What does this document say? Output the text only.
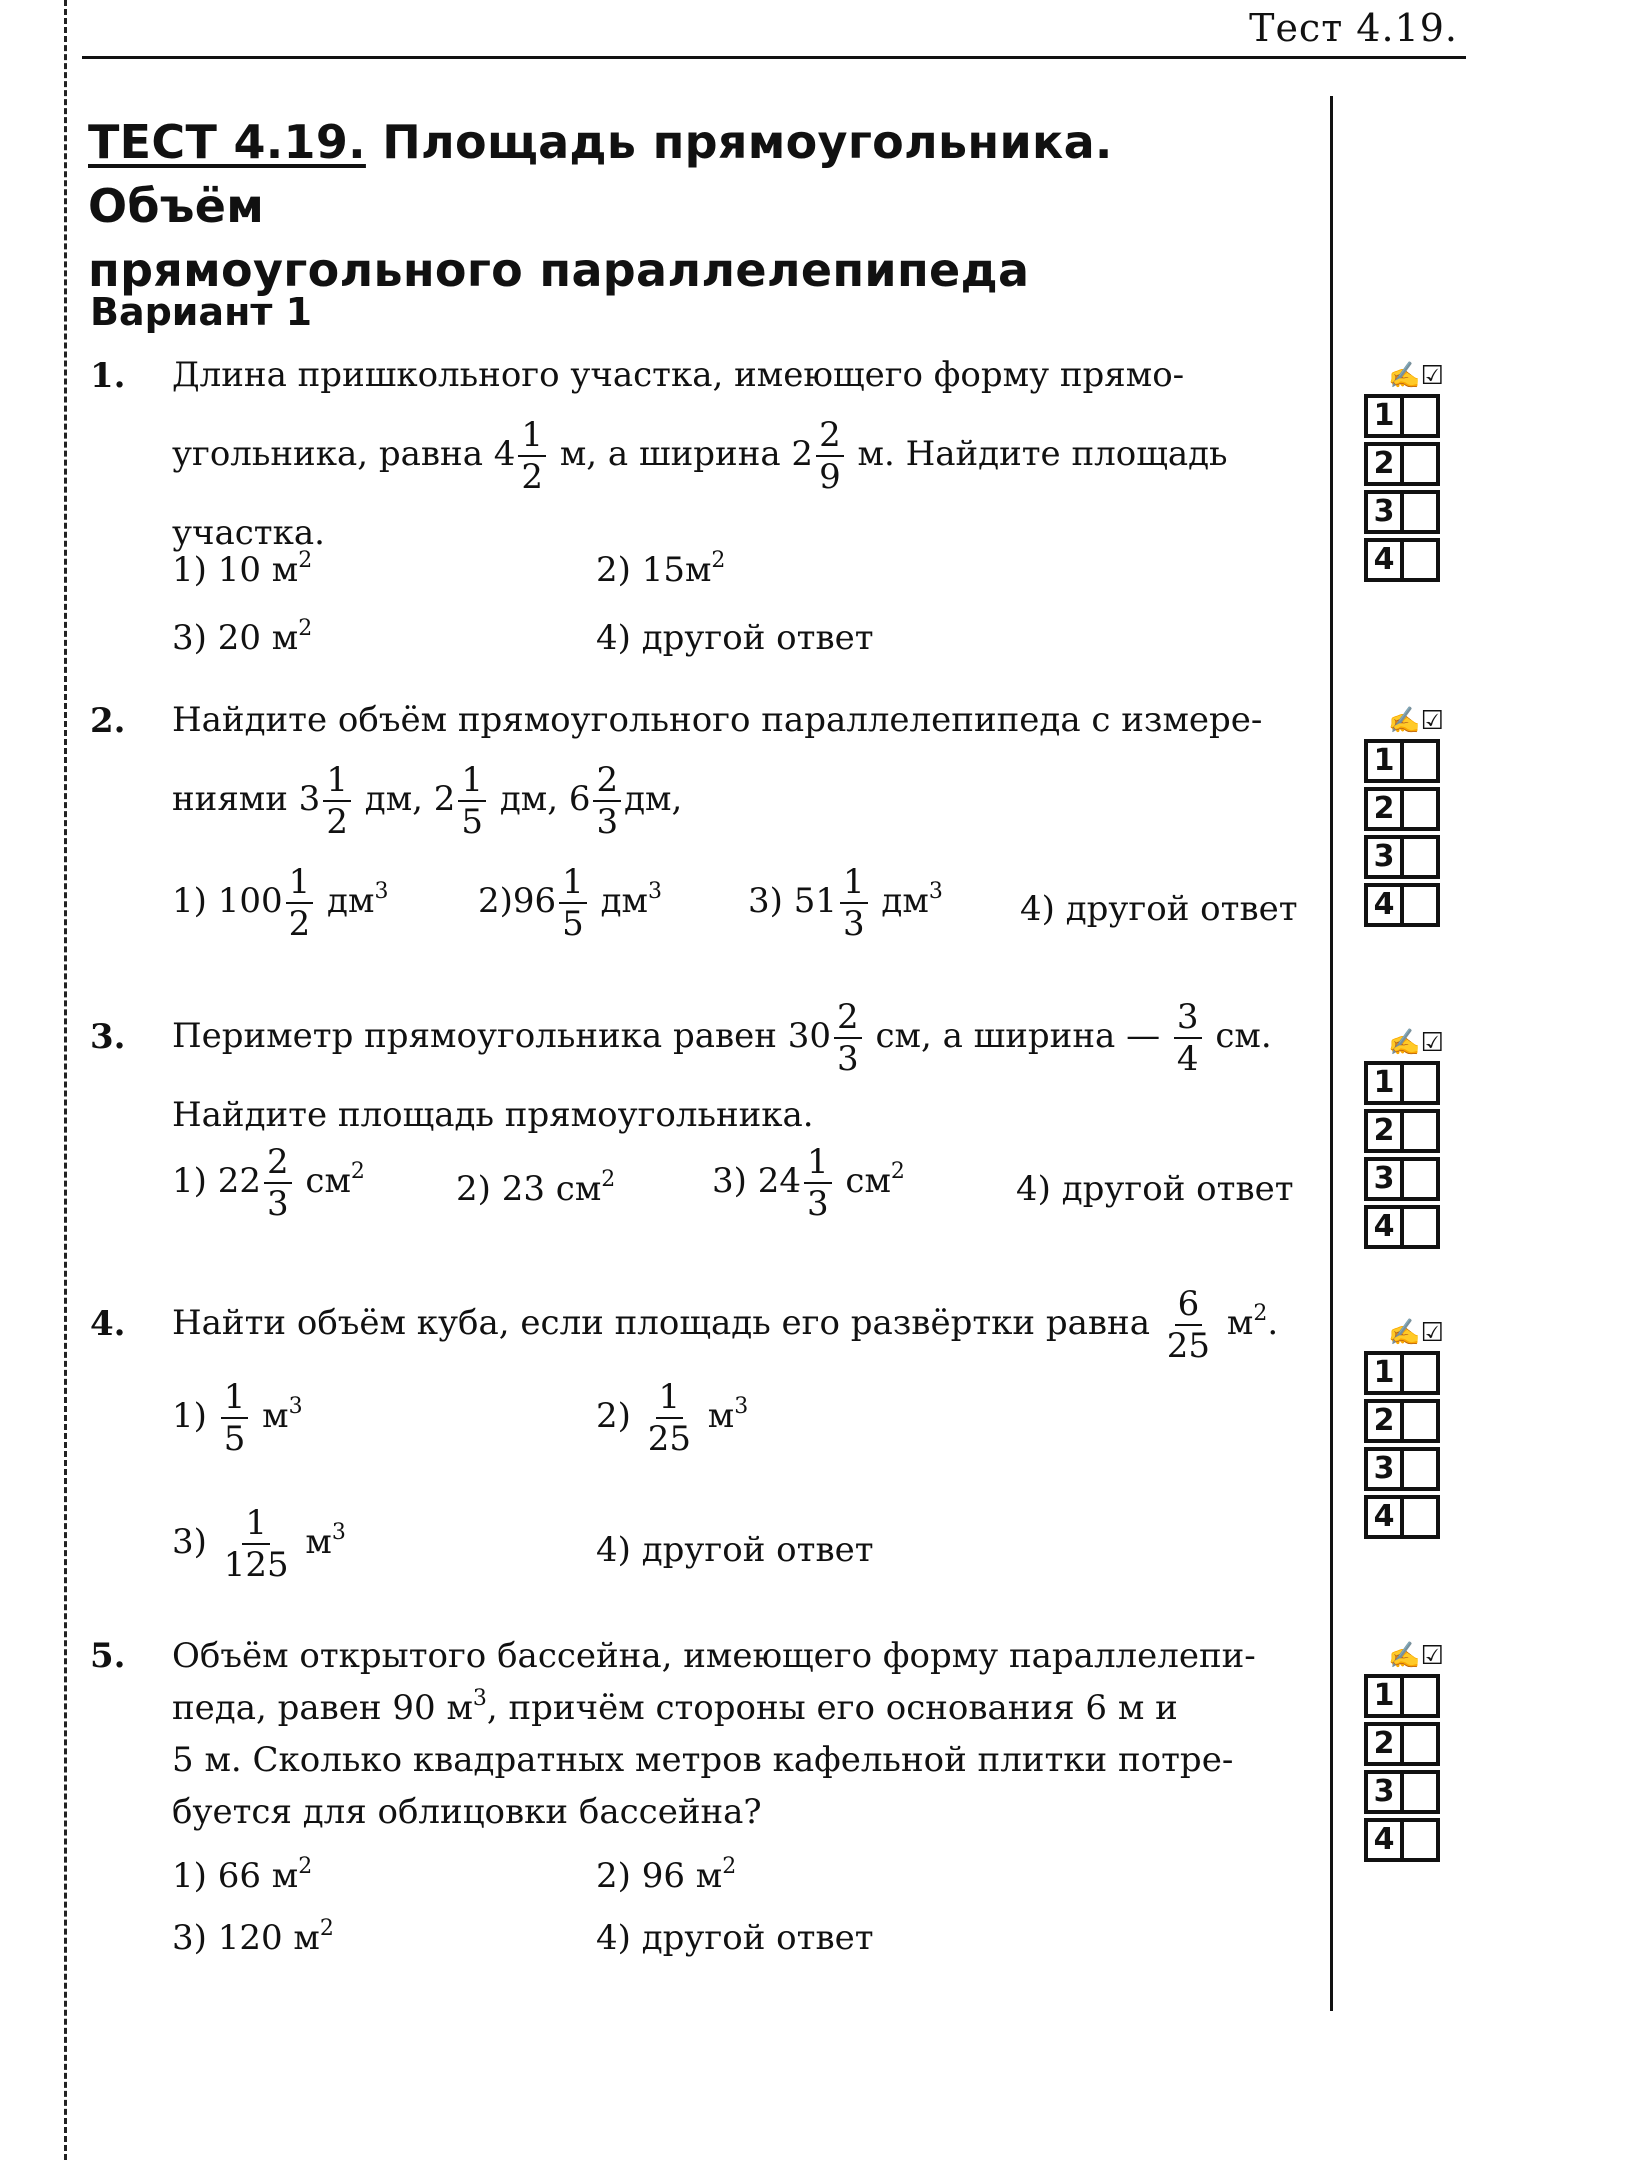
Тест 4.19.
ТЕСТ 4.19. Площадь прямоугольника. Объём
прямоугольного параллелепипеда
Вариант 1
1. Длина пришкольного участка, имеющего форму прямо-
угольника, равна $4 \frac{1}{2} м$, а ширина $2 \frac{2}{9} м$. Найдите площадь
участка.
1) 10 $м^2$	2) $15м^2$
3) 20 $м^2$	4) другой ответ
2. Найдите объём прямоугольного параллелепипеда с измере-
ниями $3 \frac{1}{2}$ дм, $2 \frac{1}{5}$ дм, $6 \frac{2}{3}$ дм,
1) $100 \frac{1}{2} дм^3$	$2)96 \frac{1}{5} дм^3$	3) $51 \frac{1}{3} дм^3$ 4) другой ответ
3. Периметр прямоугольника равен $30 \frac{2}{3}$ см, а ширина — $\frac{3}{4}$ см.
Найдите площадь прямоугольника.
1) $22 \frac{2}{3} см^2$	2) 23 $см^2$	3) $24 \frac{1}{3} см^2$	4) другой ответ
4. Найти объём куба, если площадь его развёртки равна $\frac{6}{25} м^2$.
$1) \frac{1}{5} м^3$	$2) \frac{1}{25} м^3$
$3) \frac{1}{125} м^3$	4) другой ответ
5. Объём открытого бассейна, имеющего форму параллелепи-
педа, равен 90 $м^3$, причём стороны его основания 6 м и
5 м. Сколько квадратных метров кафельной плитки потре-
буется для облицовки бассейна?
1) 66 $м^2$	2) 96 $м^2$
3) 120 $м^2$	4) другой ответ
✍☑
1
2
3
4
✍☑
1
2
3
4
✍☑
1
2
3
4
✍☑
1
2
3
4
✍☑
1
2
3
4
